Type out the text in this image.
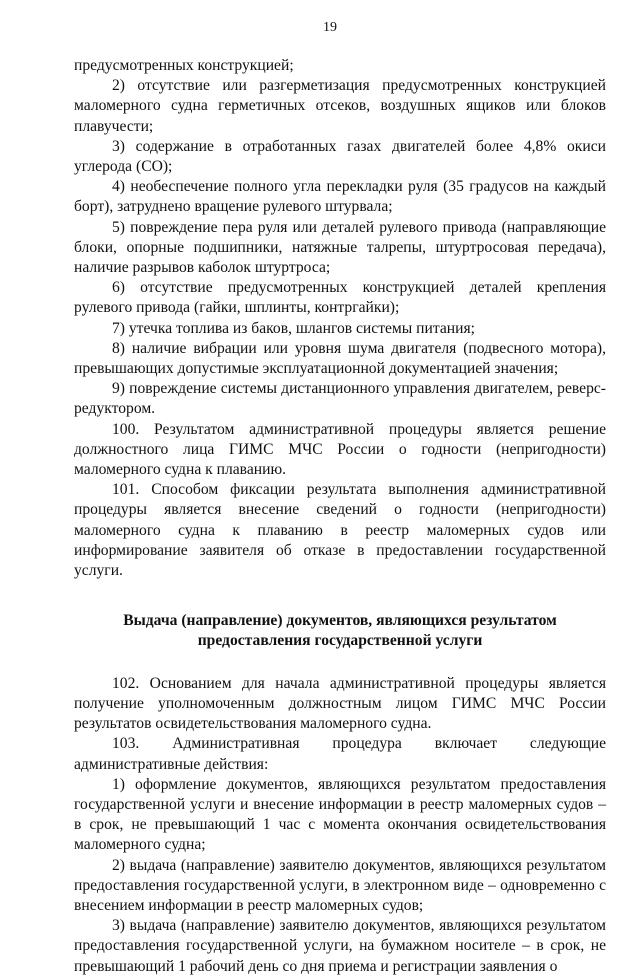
19

предусмотренных конструкцией;

2) отсутствие или разгерметизация предусмотренных конструкцией маломерного судна герметичных отсеков, воздушных ящиков или блоков плавучести;

3) содержание в отработанных газах двигателей более 4,8% окиси углерода (СО);

4) необеспечение полного угла перекладки руля (35 градусов на каждый борт), затруднено вращение рулевого штурвала;

5) повреждение пера руля или деталей рулевого привода (направляющие блоки, опорные подшипники, натяжные талрепы, штуртросовая передача), наличие разрывов каболок штуртроса;

6) отсутствие предусмотренных конструкцией деталей крепления рулевого привода (гайки, шплинты, контргайки);

7) утечка топлива из баков, шлангов системы питания;

8) наличие вибрации или уровня шума двигателя (подвесного мотора), превышающих допустимые эксплуатационной документацией значения;

9) повреждение системы дистанционного управления двигателем, реверс-редуктором.

100. Результатом административной процедуры является решение должностного лица ГИМС МЧС России о годности (непригодности) маломерного судна к плаванию.

101. Способом фиксации результата выполнения административной процедуры является внесение сведений о годности (непригодности) маломерного судна к плаванию в реестр маломерных судов или информирование заявителя об отказе в предоставлении государственной услуги.

Выдача (направление) документов, являющихся результатом предоставления государственной услуги

102. Основанием для начала административной процедуры является получение уполномоченным должностным лицом ГИМС МЧС России результатов освидетельствования маломерного судна.

103. Административная процедура включает следующие административные действия:

1) оформление документов, являющихся результатом предоставления государственной услуги и внесение информации в реестр маломерных судов – в срок, не превышающий 1 час с момента окончания освидетельствования маломерного судна;

2) выдача (направление) заявителю документов, являющихся результатом предоставления государственной услуги, в электронном виде – одновременно с внесением информации в реестр маломерных судов;

3) выдача (направление) заявителю документов, являющихся результатом предоставления государственной услуги, на бумажном носителе – в срок, не превышающий 1 рабочий день со дня приема и регистрации заявления о
